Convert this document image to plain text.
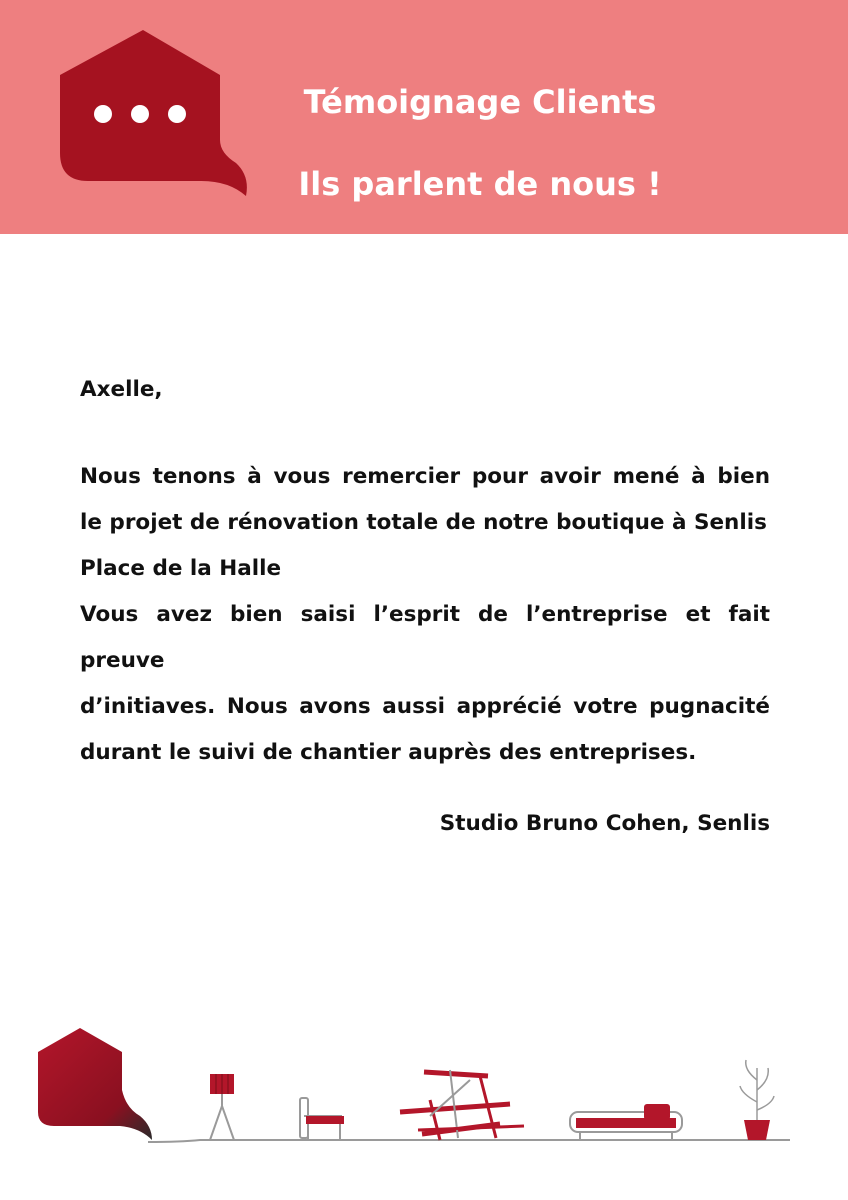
Témoignage Clients
Ils parlent de nous !

Axelle,

Nous tenons à vous remercier pour avoir mené à bien
le projet de rénovation totale de notre boutique à Senlis
Place de la Halle
Vous avez bien saisi l’esprit de l’entreprise et fait preuve
d’initiaves. Nous avons aussi apprécié votre pugnacité
durant le suivi de chantier auprès des entreprises.

Studio Bruno Cohen, Senlis
